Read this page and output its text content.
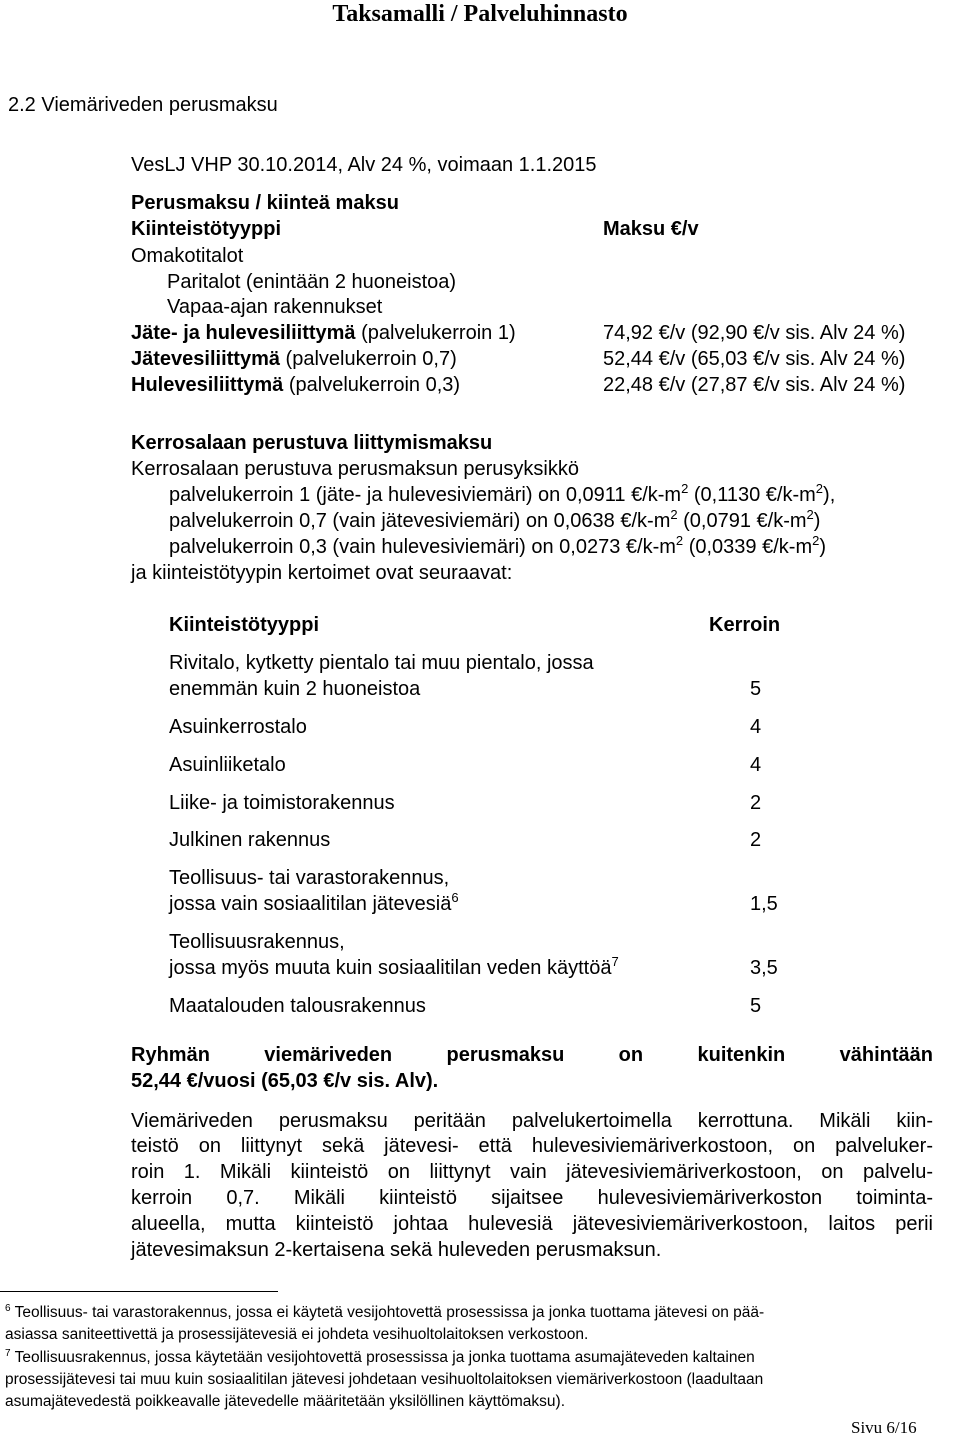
Taksamalli / Palveluhinnasto
2.2 Viemäriveden perusmaksu
VesLJ VHP 30.10.2014, Alv 24 %, voimaan 1.1.2015
Perusmaksu / kiinteä maksu
Kiinteistötyyppi	Maksu €/v
Omakotitalot
Paritalot (enintään 2 huoneistoa)
Vapaa-ajan rakennukset
Jäte- ja hulevesiliittymä (palvelukerroin 1)	74,92 €/v (92,90 €/v sis. Alv 24 %)
Jätevesiliittymä (palvelukerroin 0,7)	52,44 €/v (65,03 €/v sis. Alv 24 %)
Hulevesiliittymä (palvelukerroin 0,3)	22,48 €/v (27,87 €/v sis. Alv 24 %)
Kerrosalaan perustuva liittymismaksu
Kerrosalaan perustuva perusmaksun perusyksikkö
palvelukerroin 1 (jäte- ja hulevesiviemäri) on 0,0911 $€/k-m^2$ (0,1130 $€/k-m^2$),
palvelukerroin 0,7 (vain jätevesiviemäri) on 0,0638 $€/k-m^2$ (0,0791 $€/k-m^2$)
palvelukerroin 0,3 (vain hulevesiviemäri) on 0,0273 $€/k-m^2$ (0,0339 $€/k-m^2$)
ja kiinteistötyypin kertoimet ovat seuraavat:
Kiinteistötyyppi	Kerroin
Rivitalo, kytketty pientalo tai muu pientalo, jossa
enemmän kuin 2 huoneistoa	5
Asuinkerrostalo	4
Asuinliiketalo	4
Liike- ja toimistorakennus	2
Julkinen rakennus	2
Teollisuus- tai varastorakennus,
jossa vain sosiaalitilan jätevesiä$^6$	1,5
Teollisuusrakennus,
jossa myös muuta kuin sosiaalitilan veden käyttöä$^7$	3,5
Maatalouden talousrakennus	5
Ryhmän viemäriveden perusmaksu on kuitenkin vähintään
52,44 €/vuosi (65,03 €/v sis. Alv).
Viemäriveden perusmaksu peritään palvelukertoimella kerrottuna. Mikäli kiin-
teistö on liittynyt sekä jätevesi- että hulevesiviemäriverkostoon, on palveluker-
roin 1. Mikäli kiinteistö on liittynyt vain jätevesiviemäriverkostoon, on palvelu-
kerroin 0,7. Mikäli kiinteistö sijaitsee hulevesiviemäriverkoston toiminta-
alueella, mutta kiinteistö johtaa hulevesiä jätevesiviemäriverkostoon, laitos perii
jätevesimaksun 2-kertaisena sekä huleveden perusmaksun.
$^6$ Teollisuus- tai varastorakennus, jossa ei käytetä vesijohtovettä prosessissa ja jonka tuottama jätevesi on pää-
asiassa saniteettivettä ja prosessijätevesiä ei johdeta vesihuoltolaitoksen verkostoon.
$^7$ Teollisuusrakennus, jossa käytetään vesijohtovettä prosessissa ja jonka tuottama asumajäteveden kaltainen
prosessijätevesi tai muu kuin sosiaalitilan jätevesi johdetaan vesihuoltolaitoksen viemäriverkostoon (laadultaan
asumajätevedestä poikkeavalle jätevedelle määritetään yksilöllinen käyttömaksu).
Sivu 6/16
